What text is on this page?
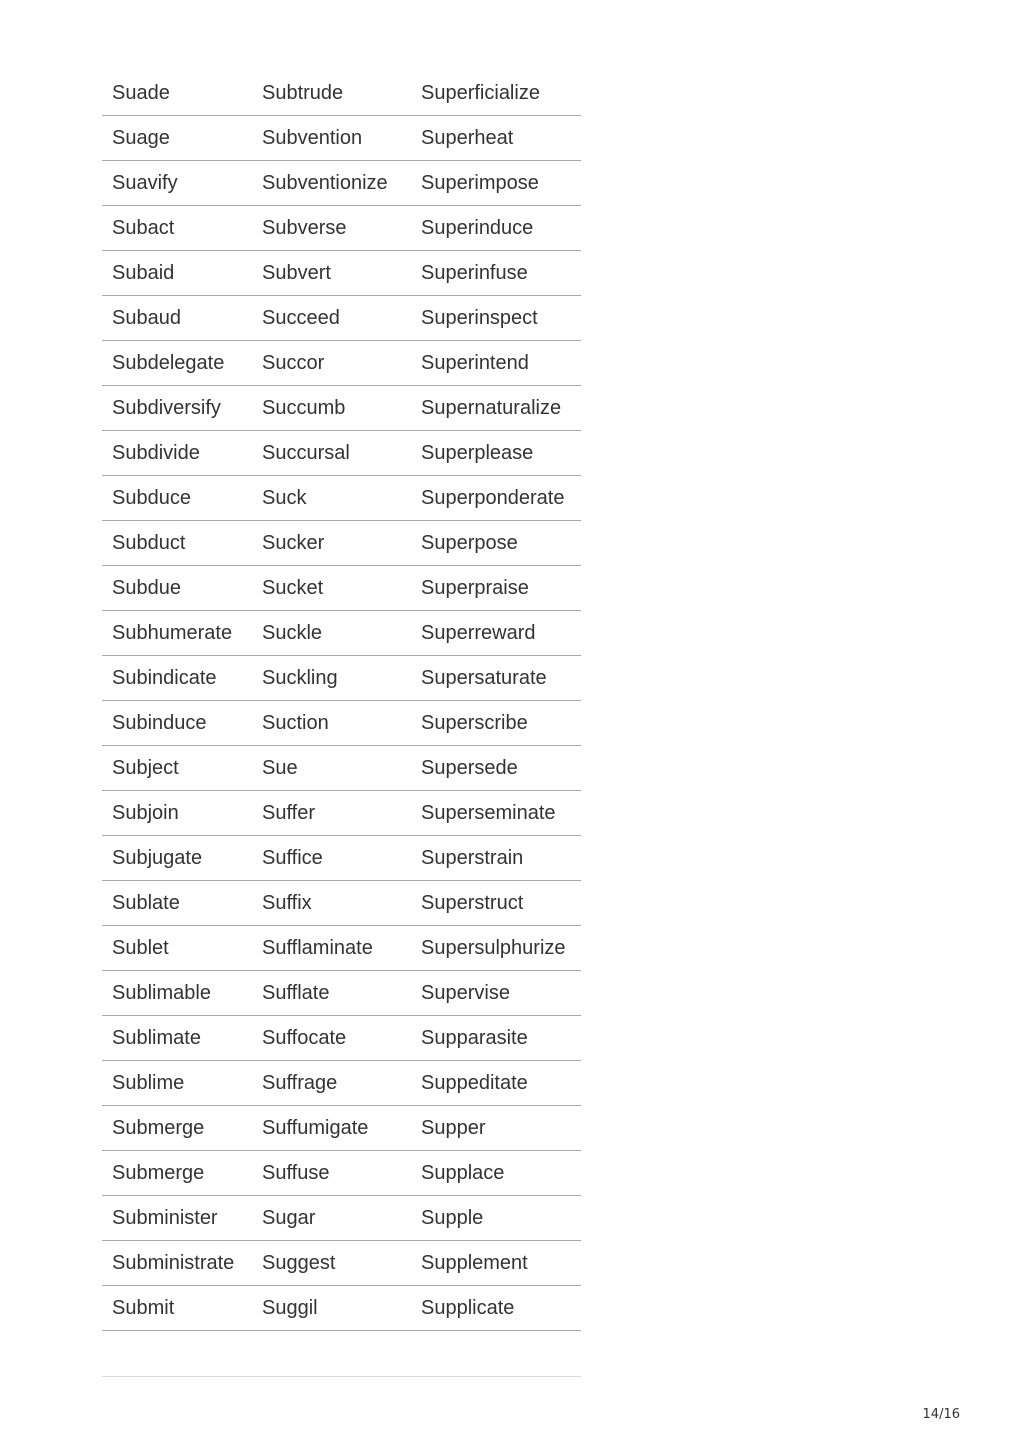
Suade	Subtrude	Superficialize
Suage	Subvention	Superheat
Suavify	Subventionize	Superimpose
Subact	Subverse	Superinduce
Subaid	Subvert	Superinfuse
Subaud	Succeed	Superinspect
Subdelegate	Succor	Superintend
Subdiversify	Succumb	Supernaturalize
Subdivide	Succursal	Superplease
Subduce	Suck	Superponderate
Subduct	Sucker	Superpose
Subdue	Sucket	Superpraise
Subhumerate	Suckle	Superreward
Subindicate	Suckling	Supersaturate
Subinduce	Suction	Superscribe
Subject	Sue	Supersede
Subjoin	Suffer	Superseminate
Subjugate	Suffice	Superstrain
Sublate	Suffix	Superstruct
Sublet	Sufflaminate	Supersulphurize
Sublimable	Sufflate	Supervise
Sublimate	Suffocate	Supparasite
Sublime	Suffrage	Suppeditate
Submerge	Suffumigate	Supper
Submerge	Suffuse	Supplace
Subminister	Sugar	Supple
Subministrate	Suggest	Supplement
Submit	Suggil	Supplicate
14/16
